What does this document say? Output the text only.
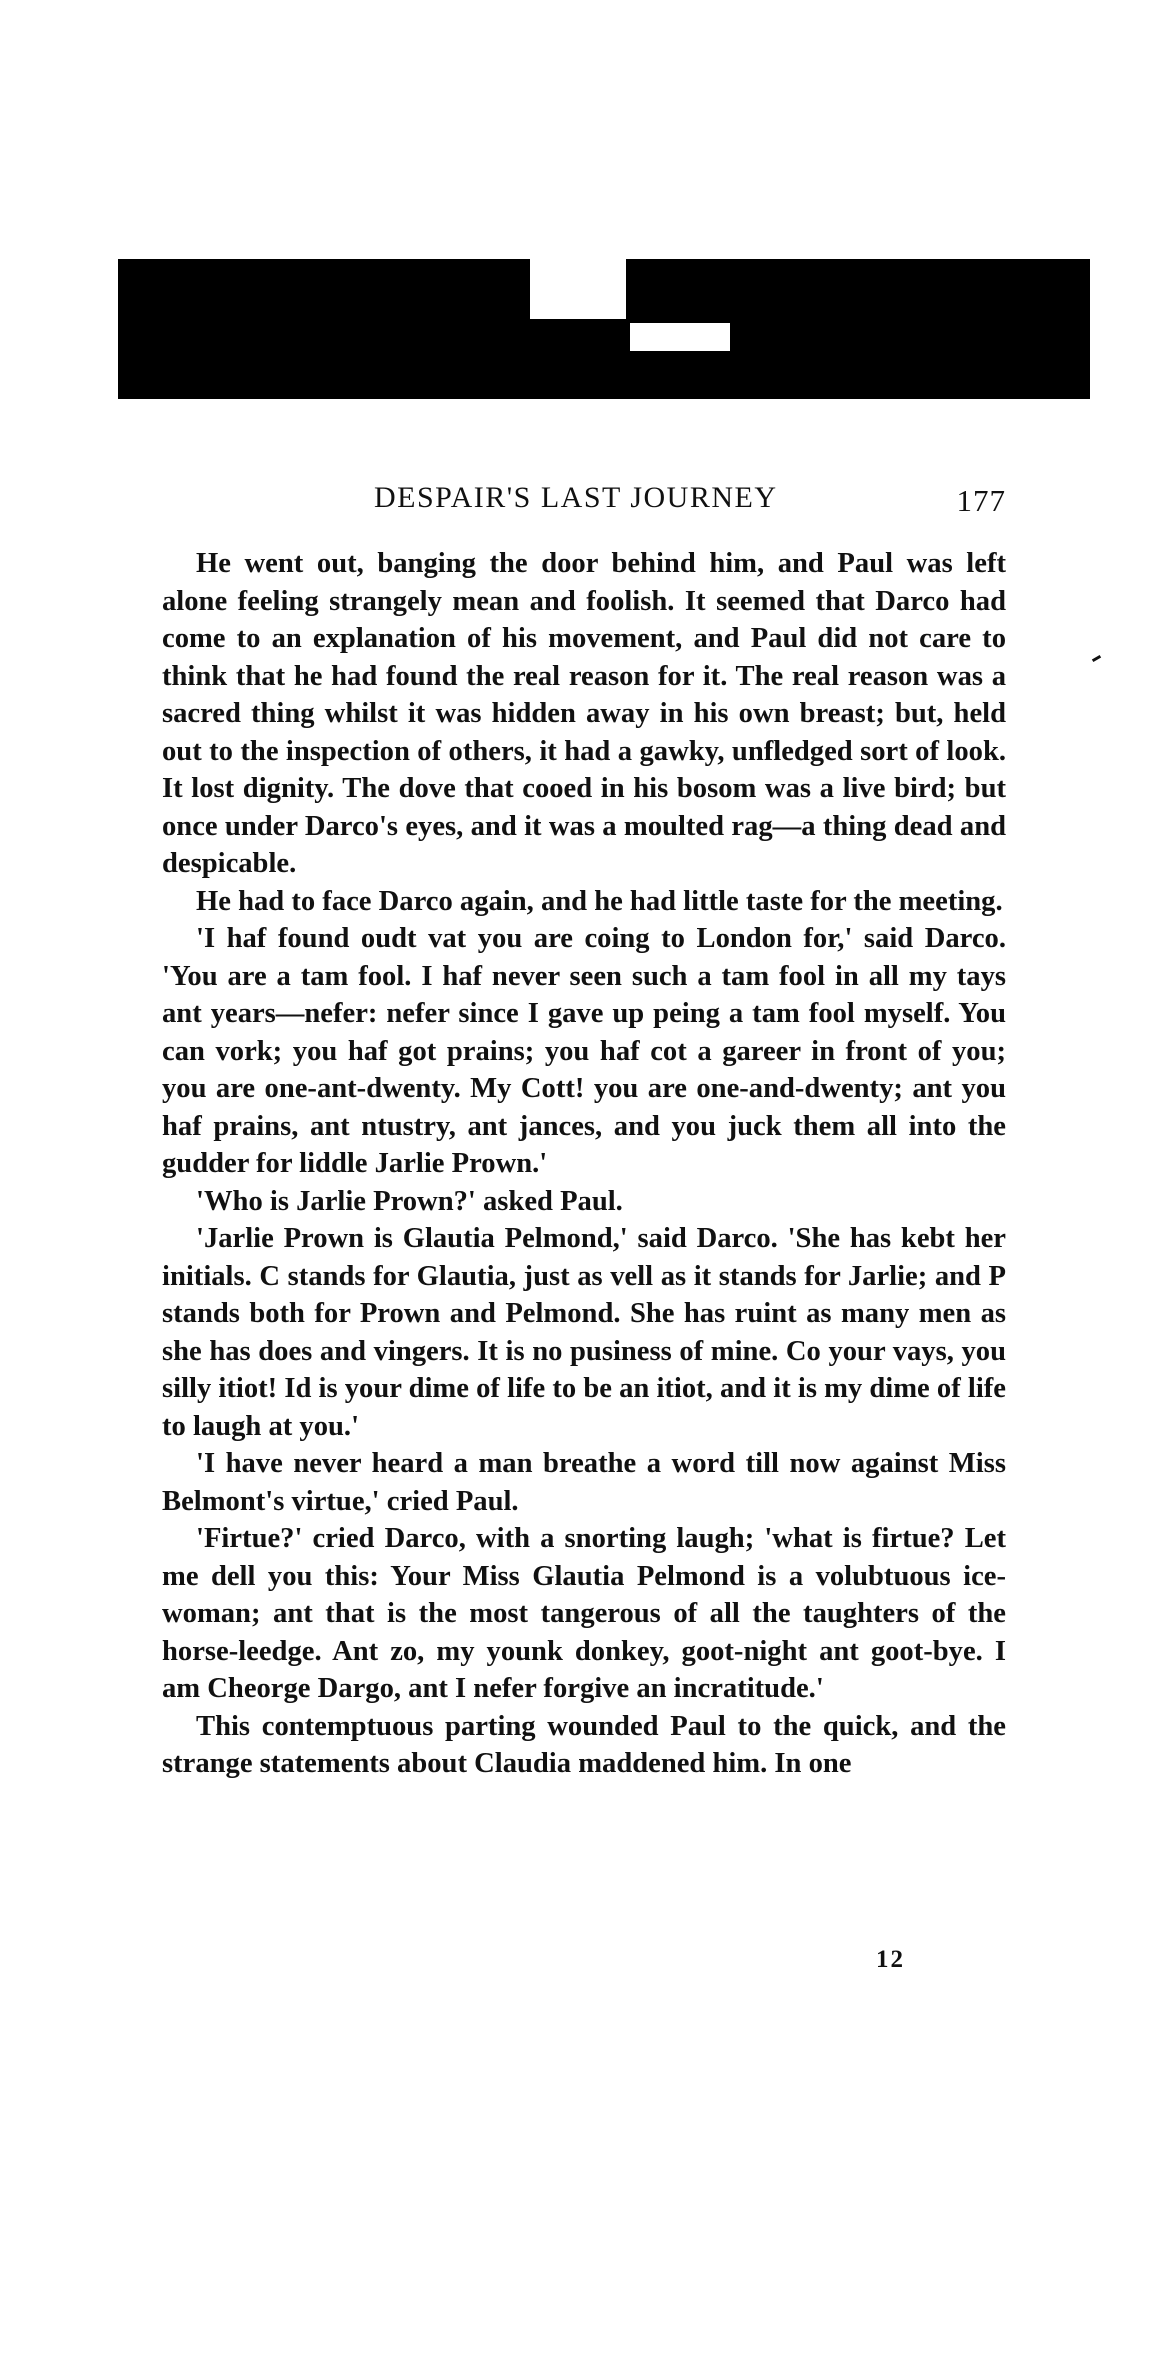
DESPAIR'S LAST JOURNEY	177

He went out, banging the door behind him, and Paul was left alone feeling strangely mean and foolish. It seemed that Darco had come to an explanation of his movement, and Paul did not care to think that he had found the real reason for it. The real reason was a sacred thing whilst it was hidden away in his own breast; but, held out to the inspection of others, it had a gawky, unfledged sort of look. It lost dignity. The dove that cooed in his bosom was a live bird; but once under Darco's eyes, and it was a moulted rag—a thing dead and despicable.

He had to face Darco again, and he had little taste for the meeting.

'I haf found oudt vat you are coing to London for,' said Darco. 'You are a tam fool. I haf never seen such a tam fool in all my tays ant years—nefer: nefer since I gave up peing a tam fool myself. You can vork; you haf got prains; you haf cot a gareer in front of you; you are one-ant-dwenty. My Cott! you are one-and-dwenty; ant you haf prains, ant ntustry, ant jances, and you juck them all into the gudder for liddle Jarlie Prown.'

'Who is Jarlie Prown?' asked Paul.

'Jarlie Prown is Glautia Pelmond,' said Darco. 'She has kebt her initials. C stands for Glautia, just as vell as it stands for Jarlie; and P stands both for Prown and Pelmond. She has ruint as many men as she has does and vingers. It is no pusiness of mine. Co your vays, you silly itiot! Id is your dime of life to be an itiot, and it is my dime of life to laugh at you.'

'I have never heard a man breathe a word till now against Miss Belmont's virtue,' cried Paul.

'Firtue?' cried Darco, with a snorting laugh; 'what is firtue? Let me dell you this: Your Miss Glautia Pelmond is a volubtuous ice-woman; ant that is the most tangerous of all the taughters of the horse-leedge. Ant zo, my younk donkey, goot-night ant goot-bye. I am Cheorge Dargo, ant I nefer forgive an incratitude.'

This contemptuous parting wounded Paul to the quick, and the strange statements about Claudia maddened him. In one

12
